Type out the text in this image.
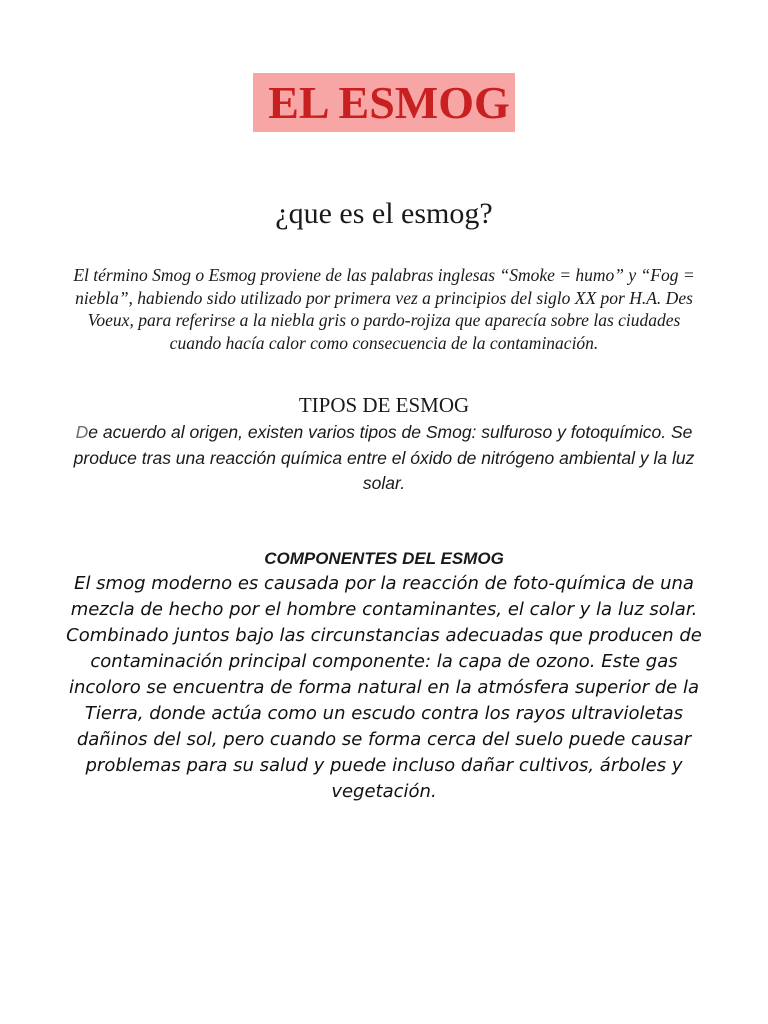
EL ESMOG
¿que es el esmog?

El término Smog o Esmog proviene de las palabras inglesas “Smoke = humo” y “Fog = niebla”, habiendo sido utilizado por primera vez a principios del siglo XX por H.A. Des Voeux, para referirse a la niebla gris o pardo-rojiza que aparecía sobre las ciudades cuando hacía calor como consecuencia de la contaminación.

TIPOS DE ESMOG

De acuerdo al origen, existen varios tipos de Smog: sulfuroso y fotoquímico. Se produce tras una reacción química entre el óxido de nitrógeno ambiental y la luz solar.

COMPONENTES DEL ESMOG

El smog moderno es causada por la reacción de foto-química de una mezcla de hecho por el hombre contaminantes, el calor y la luz solar. Combinado juntos bajo las circunstancias adecuadas que producen de contaminación principal componente: la capa de ozono. Este gas incoloro se encuentra de forma natural en la atmósfera superior de la Tierra, donde actúa como un escudo contra los rayos ultravioletas dañinos del sol, pero cuando se forma cerca del suelo puede causar problemas para su salud y puede incluso dañar cultivos, árboles y vegetación.
